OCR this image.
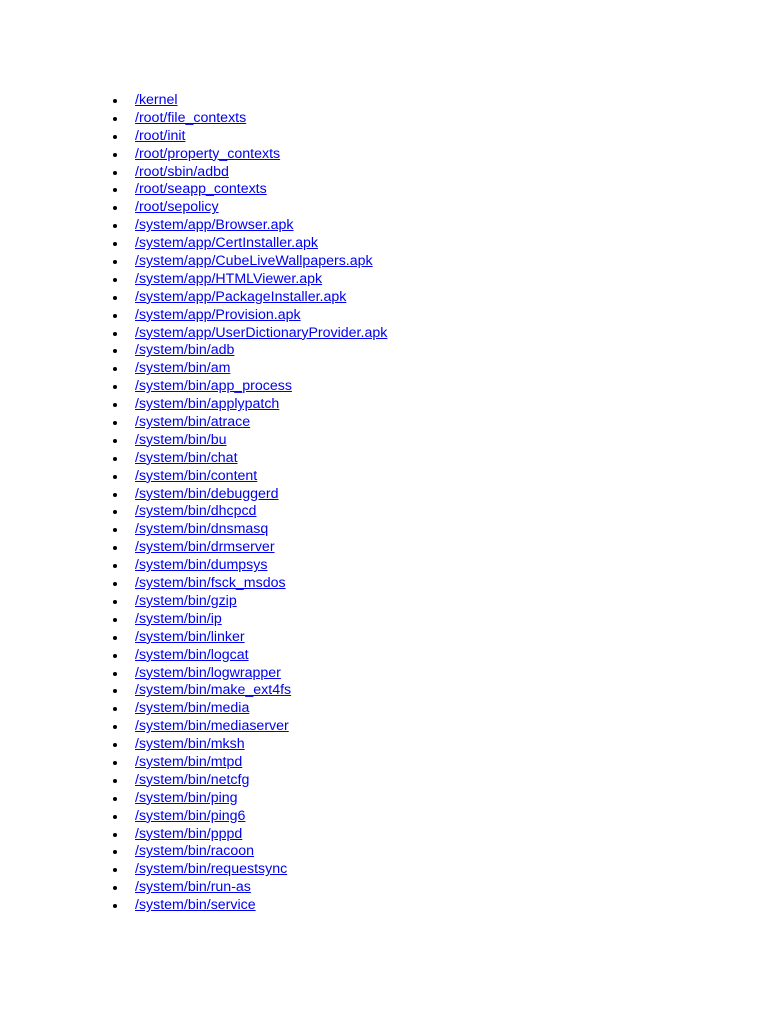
/kernel
/root/file_contexts
/root/init
/root/property_contexts
/root/sbin/adbd
/root/seapp_contexts
/root/sepolicy
/system/app/Browser.apk
/system/app/CertInstaller.apk
/system/app/CubeLiveWallpapers.apk
/system/app/HTMLViewer.apk
/system/app/PackageInstaller.apk
/system/app/Provision.apk
/system/app/UserDictionaryProvider.apk
/system/bin/adb
/system/bin/am
/system/bin/app_process
/system/bin/applypatch
/system/bin/atrace
/system/bin/bu
/system/bin/chat
/system/bin/content
/system/bin/debuggerd
/system/bin/dhcpcd
/system/bin/dnsmasq
/system/bin/drmserver
/system/bin/dumpsys
/system/bin/fsck_msdos
/system/bin/gzip
/system/bin/ip
/system/bin/linker
/system/bin/logcat
/system/bin/logwrapper
/system/bin/make_ext4fs
/system/bin/media
/system/bin/mediaserver
/system/bin/mksh
/system/bin/mtpd
/system/bin/netcfg
/system/bin/ping
/system/bin/ping6
/system/bin/pppd
/system/bin/racoon
/system/bin/requestsync
/system/bin/run-as
/system/bin/service
